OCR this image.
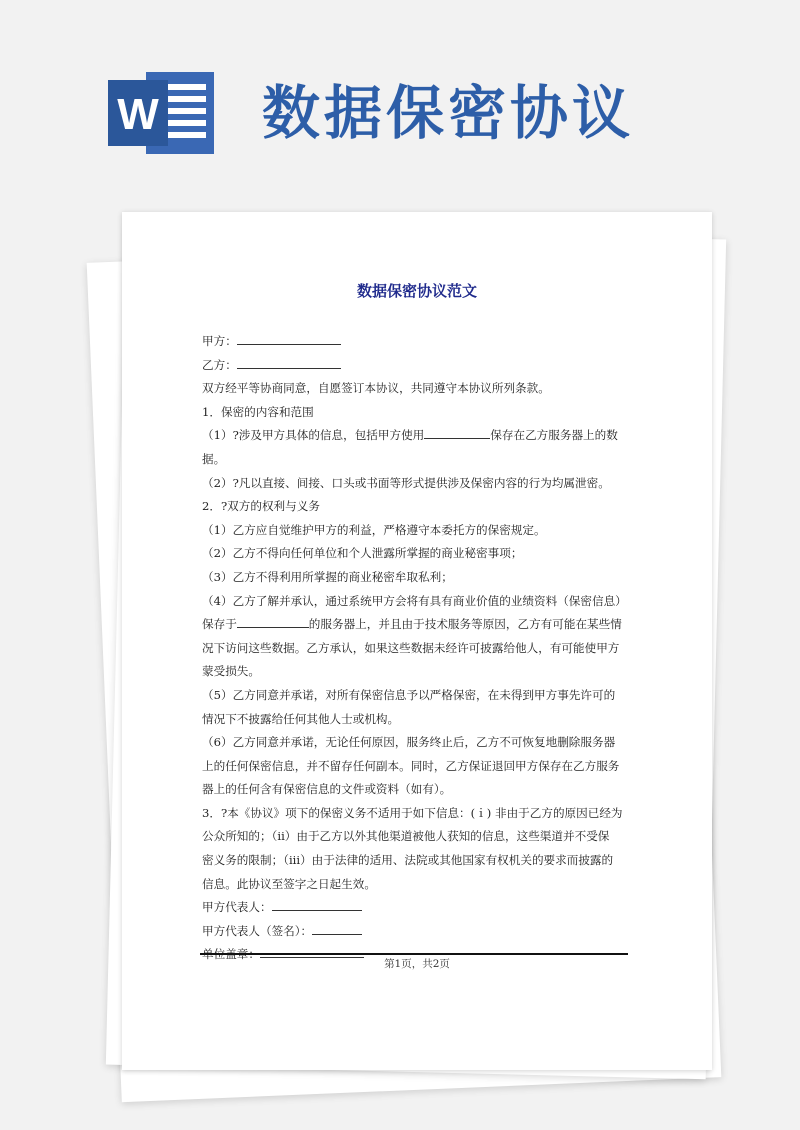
W 数据保密协议
数据保密协议范文
甲方：
乙方：
双方经平等协商同意，自愿签订本协议，共同遵守本协议所列条款。
1．保密的内容和范围
（1）?涉及甲方具体的信息，包括甲方使用	保存在乙方服务器上的数
据。
（2）?凡以直接、间接、口头或书面等形式提供涉及保密内容的行为均属泄密。
2．?双方的权利与义务
（1）乙方应自觉维护甲方的利益，严格遵守本委托方的保密规定。
（2）乙方不得向任何单位和个人泄露所掌握的商业秘密事项；
（3）乙方不得利用所掌握的商业秘密牟取私利；
（4）乙方了解并承认，通过系统甲方会将有具有商业价值的业绩资料（保密信息）
保存于	的服务器上，并且由于技术服务等原因，乙方有可能在某些情
况下访问这些数据。乙方承认，如果这些数据未经许可披露给他人，有可能使甲方
蒙受损失。
（5）乙方同意并承诺，对所有保密信息予以严格保密，在未得到甲方事先许可的
情况下不披露给任何其他人士或机构。
（6）乙方同意并承诺，无论任何原因，服务终止后，乙方不可恢复地删除服务器
上的任何保密信息，并不留存任何副本。同时，乙方保证退回甲方保存在乙方服务
器上的任何含有保密信息的文件或资料（如有）。
3．?本《协议》项下的保密义务不适用于如下信息：(ｉ) 非由于乙方的原因已经为
公众所知的；（ii）由于乙方以外其他渠道被他人获知的信息，这些渠道并不受保
密义务的限制；（iii）由于法律的适用、法院或其他国家有权机关的要求而披露的
信息。此协议至签字之日起生效。
甲方代表人：
甲方代表人（签名）：
第1页，共2页
